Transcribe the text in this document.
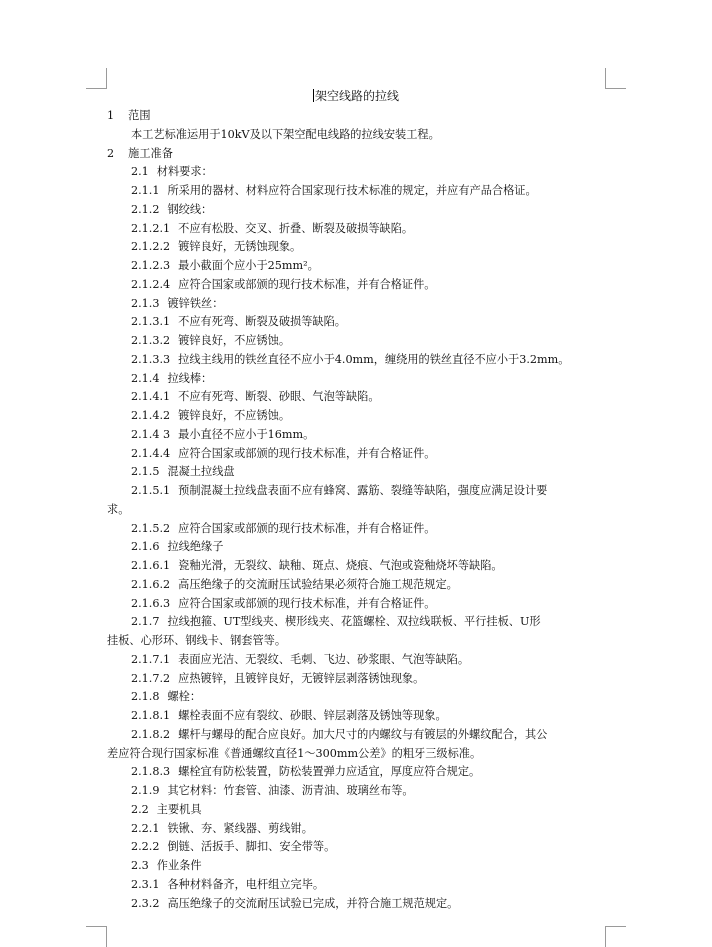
架空线路的拉线

1 范围

本工艺标准运用于10kV及以下架空配电线路的拉线安装工程。

2 施工准备

2.1 材料要求：

2.1.1 所采用的器材、材料应符合国家现行技术标准的规定，并应有产品合格证。

2.1.2 钢绞线：

2.1.2.1 不应有松股、交叉、折叠、断裂及破损等缺陷。

2.1.2.2 镀锌良好，无锈蚀现象。

2.1.2.3 最小截面个应小于25mm²。

2.1.2.4 应符合国家或部颁的现行技术标准，并有合格证件。

2.1.3 镀锌铁丝：

2.1.3.1 不应有死弯、断裂及破损等缺陷。

2.1.3.2 镀锌良好，不应锈蚀。

2.1.3.3 拉线主线用的铁丝直径不应小于4.0mm，缠绕用的铁丝直径不应小于3.2mm。

2.1.4 拉线棒：

2.1.4.1 不应有死弯、断裂、砂眼、气泡等缺陷。

2.1.4.2 镀锌良好，不应锈蚀。

2.1.4 3 最小直径不应小于16mm。

2.1.4.4 应符合国家或部颁的现行技术标准，并有合格证件。

2.1.5 混凝土拉线盘

2.1.5.1 预制混凝土拉线盘表面不应有蜂窝、露筋、裂缝等缺陷，强度应满足设计要

求。

2.1.5.2 应符合国家或部颁的现行技术标准，并有合格证件。

2.1.6 拉线绝缘子

2.1.6.1 瓷釉光滑，无裂纹、缺釉、斑点、烧痕、气泡或瓷釉烧坏等缺陷。

2.1.6.2 高压绝缘子的交流耐压试验结果必须符合施工规范规定。

2.1.6.3 应符合国家或部颁的现行技术标准，并有合格证件。

2.1.7 拉线抱箍、UT型线夹、楔形线夹、花篮螺栓、双拉线联板、平行挂板、U形

挂板、心形环、钢线卡、钢套管等。

2.1.7.1 表面应光洁、无裂纹、毛刺、飞边、砂浆眼、气泡等缺陷。

2.1.7.2 应热镀锌，且镀锌良好，无镀锌层剥落锈蚀现象。

2.1.8 螺栓：

2.1.8.1 螺栓表面不应有裂纹、砂眼、锌层剥落及锈蚀等现象。

2.1.8.2 螺杆与螺母的配合应良好。加大尺寸的内螺纹与有镀层的外螺纹配合，其公

差应符合现行国家标准《普通螺纹直径1～300mm公差》的粗牙三级标准。

2.1.8.3 螺栓宜有防松装置，防松装置弹力应适宜，厚度应符合规定。

2.1.9 其它材料：竹套管、油漆、沥青油、玻璃丝布等。

2.2 主要机具

2.2.1 铁锹、夯、紧线器、剪线钳。

2.2.2 倒链、活扳手、脚扣、安全带等。

2.3 作业条件

2.3.1 各种材料备齐，电杆组立完毕。

2.3.2 高压绝缘子的交流耐压试验已完成，并符合施工规范规定。
